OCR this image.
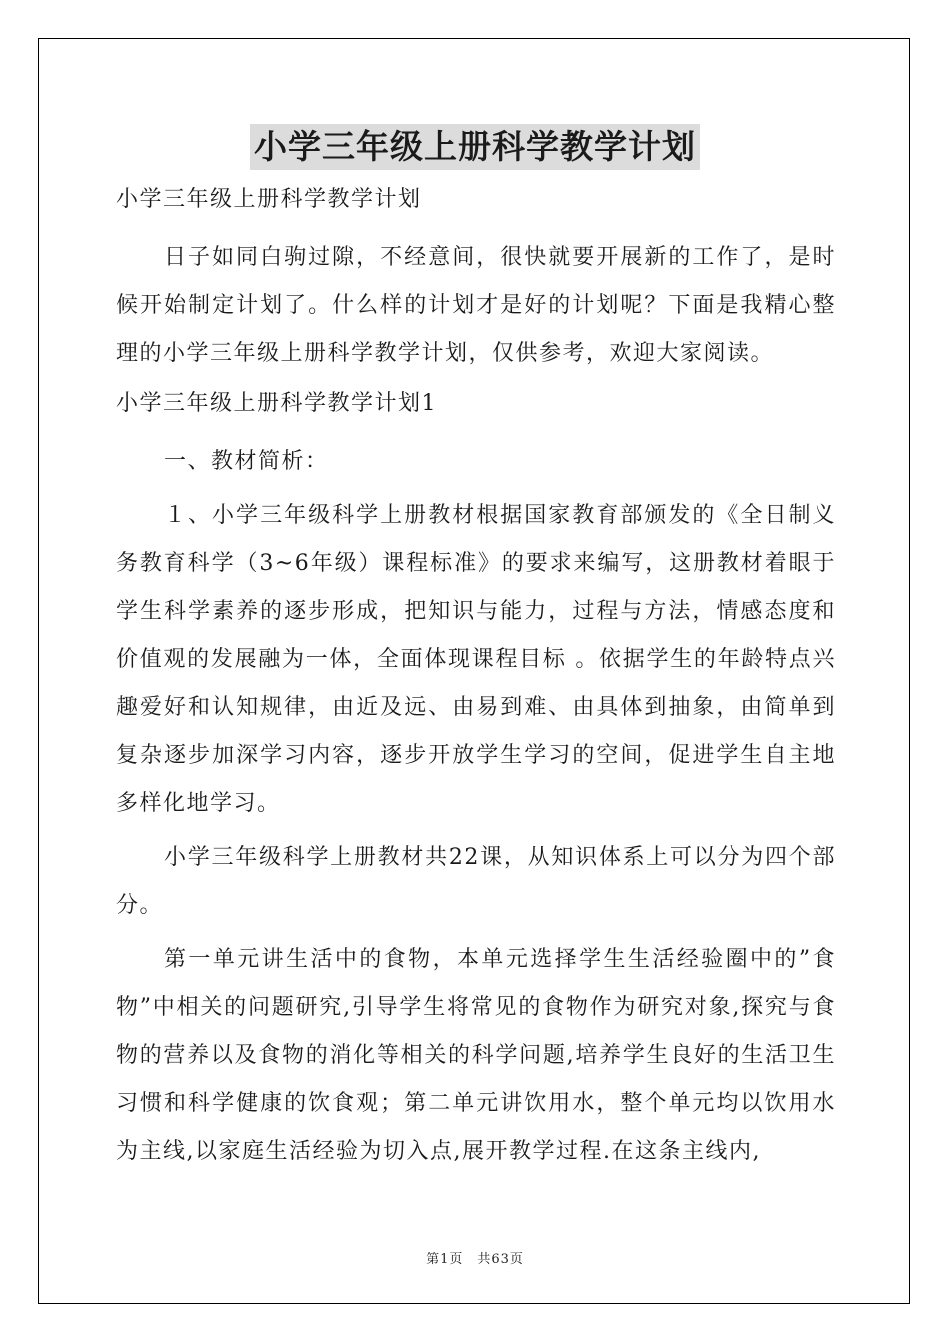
小学三年级上册科学教学计划

小学三年级上册科学教学计划

日子如同白驹过隙，不经意间，很快就要开展新的工作了，是时候开始制定计划了。什么样的计划才是好的计划呢？下面是我精心整理的小学三年级上册科学教学计划，仅供参考，欢迎大家阅读。

小学三年级上册科学教学计划1

一、教材简析：

１、小学三年级科学上册教材根据国家教育部颁发的《全日制义务教育科学（3~6年级）课程标准》的要求来编写，这册教材着眼于学生科学素养的逐步形成，把知识与能力，过程与方法，情感态度和价值观的发展融为一体，全面体现课程目标 。依据学生的年龄特点兴趣爱好和认知规律，由近及远、由易到难、由具体到抽象，由简单到复杂逐步加深学习内容，逐步开放学生学习的空间，促进学生自主地多样化地学习。

小学三年级科学上册教材共22课，从知识体系上可以分为四个部分。

第一单元讲生活中的食物，本单元选择学生生活经验圈中的”食物”中相关的问题研究,引导学生将常见的食物作为研究对象,探究与食物的营养以及食物的消化等相关的科学问题,培养学生良好的生活卫生习惯和科学健康的饮食观；第二单元讲饮用水，整个单元均以饮用水为主线,以家庭生活经验为切入点,展开教学过程.在这条主线内,

第1页　共63页
